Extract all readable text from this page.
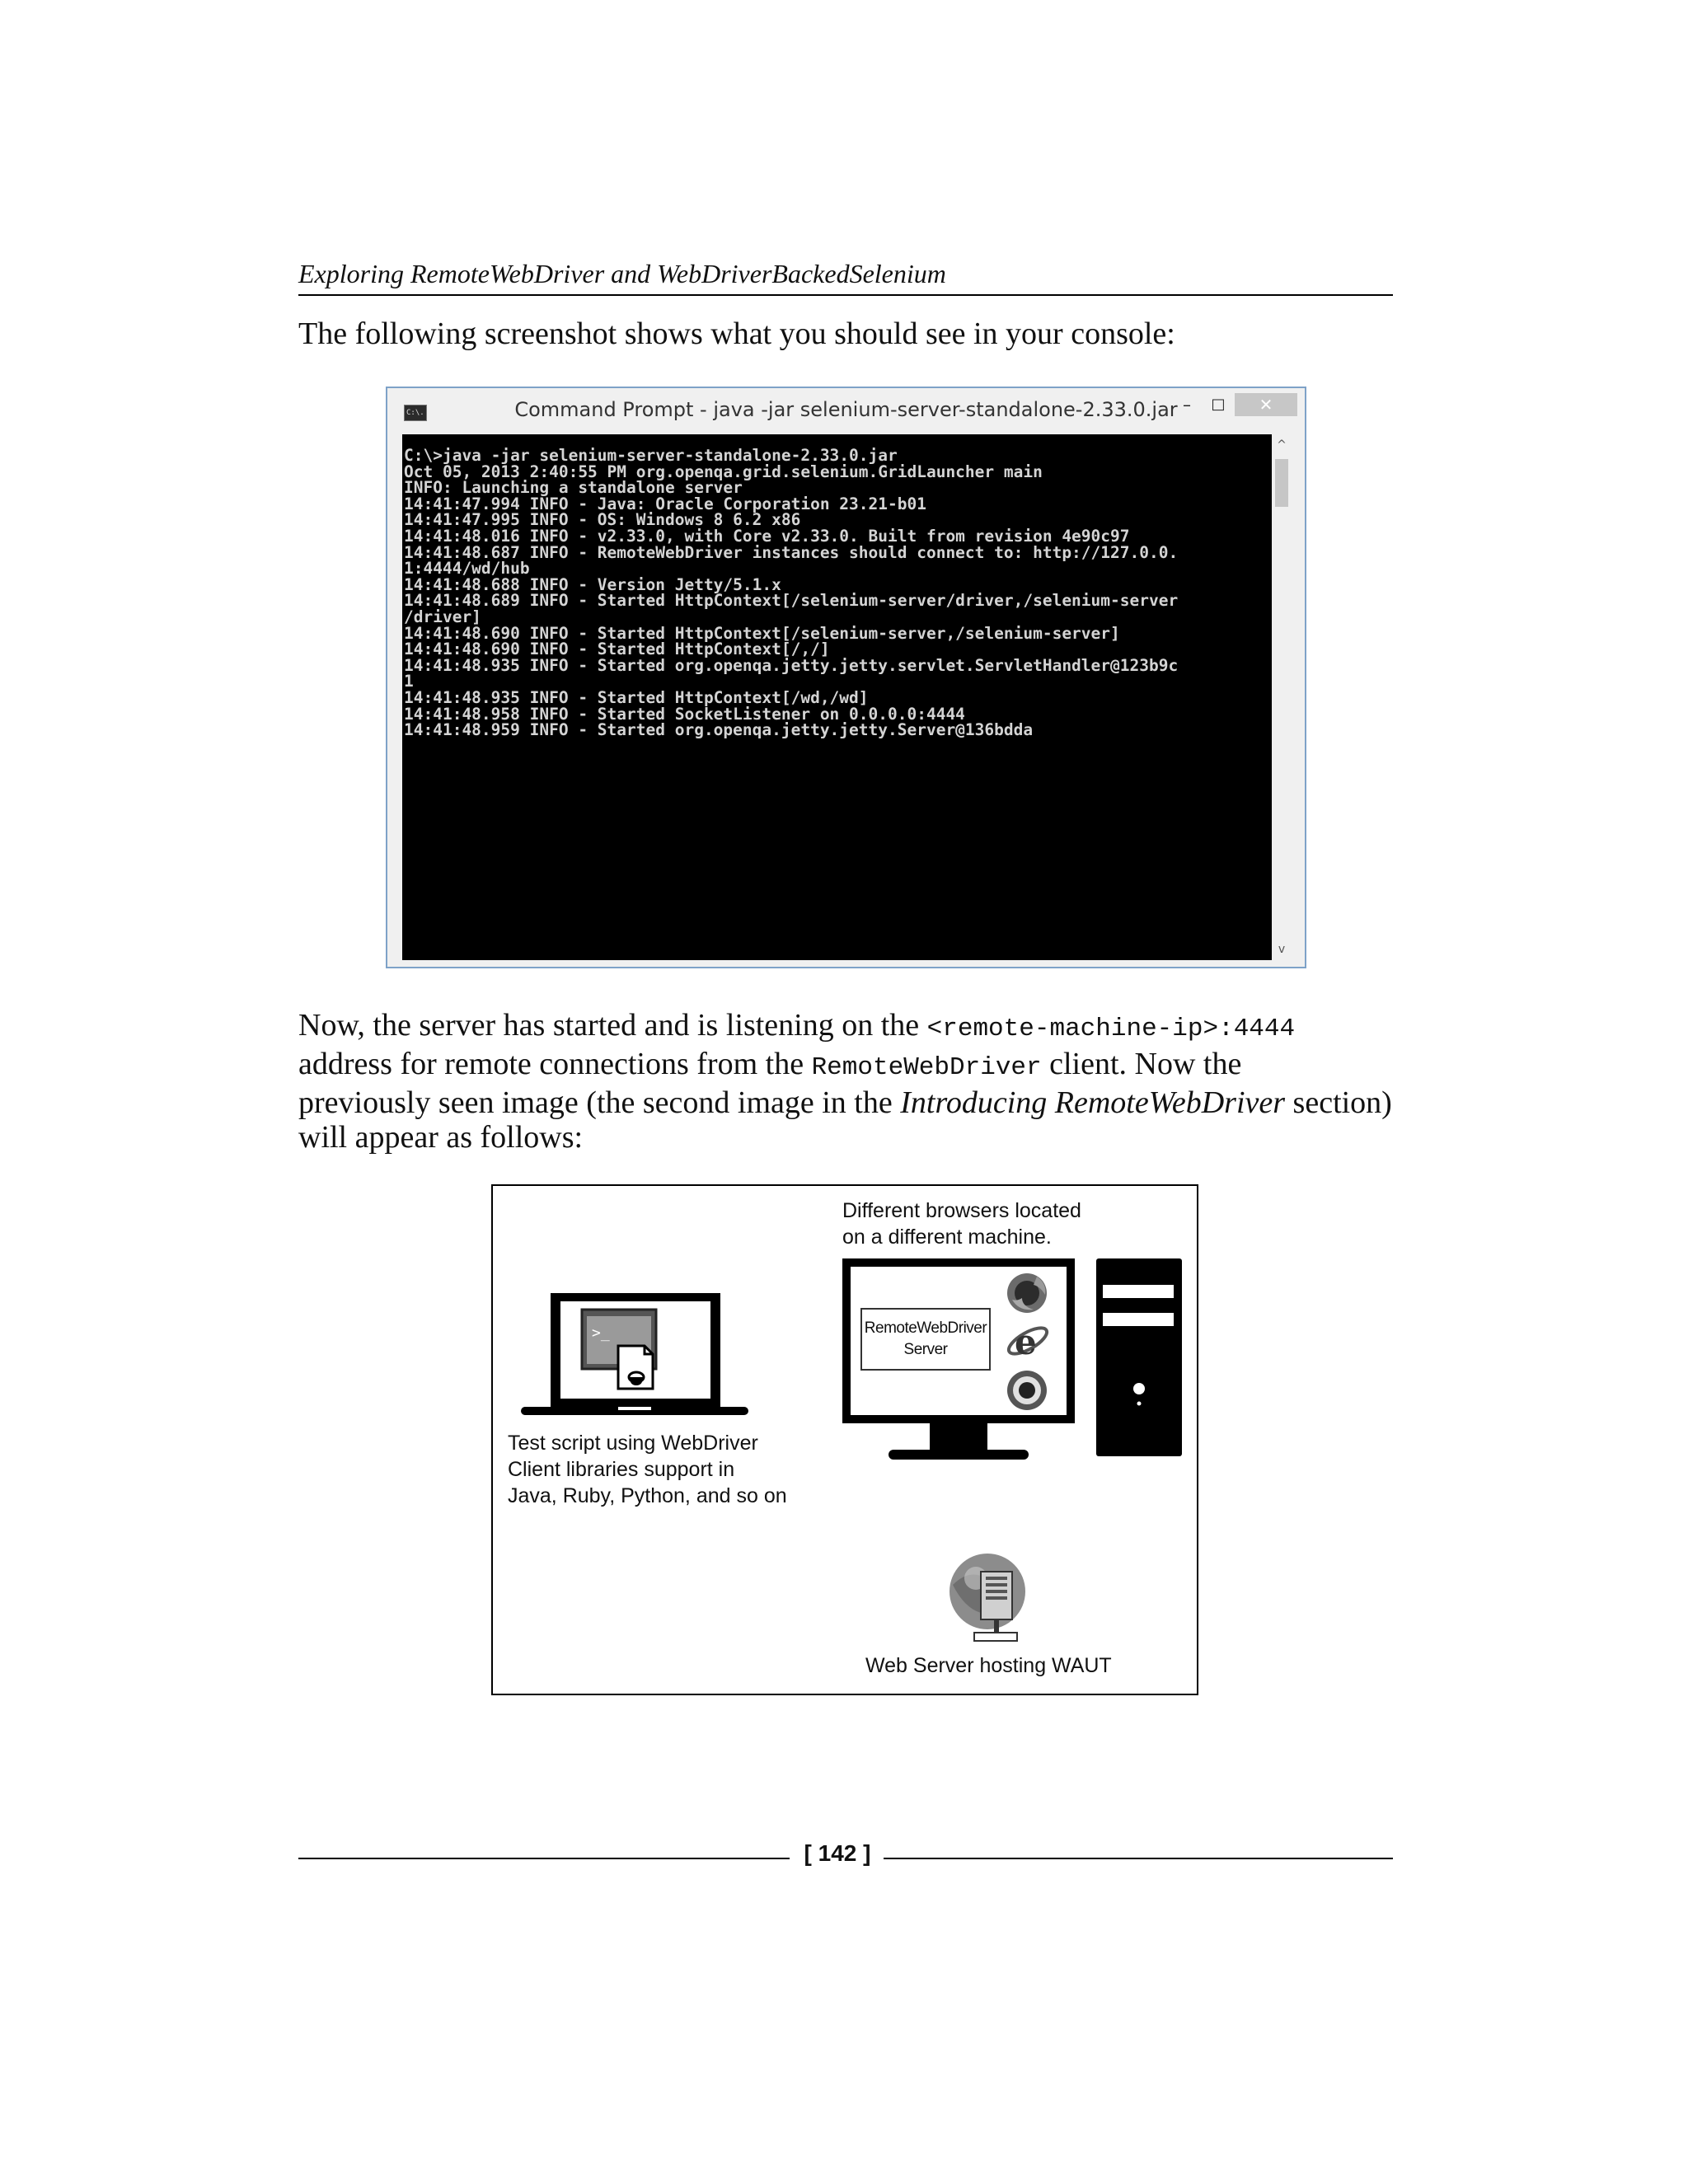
Exploring RemoteWebDriver and WebDriverBackedSelenium
The following screenshot shows what you should see in your console:
C:\.	Command Prompt - java -jar selenium-server-standalone-2.33.0.jar –	□	✕
C:\>java -jar selenium-server-standalone-2.33.0.jar
Oct 05, 2013 2:40:55 PM org.openqa.grid.selenium.GridLauncher main
INFO: Launching a standalone server
14:41:47.994 INFO - Java: Oracle Corporation 23.21-b01
14:41:47.995 INFO - OS: Windows 8 6.2 x86
14:41:48.016 INFO - v2.33.0, with Core v2.33.0. Built from revision 4e90c97
14:41:48.687 INFO - RemoteWebDriver instances should connect to: http://127.0.0.
1:4444/wd/hub
14:41:48.688 INFO - Version Jetty/5.1.x
14:41:48.689 INFO - Started HttpContext[/selenium-server/driver,/selenium-server
/driver]
14:41:48.690 INFO - Started HttpContext[/selenium-server,/selenium-server]
14:41:48.690 INFO - Started HttpContext[/,/]
14:41:48.935 INFO - Started org.openqa.jetty.jetty.servlet.ServletHandler@123b9c
1
14:41:48.935 INFO - Started HttpContext[/wd,/wd]
14:41:48.958 INFO - Started SocketListener on 0.0.0.0:4444
14:41:48.959 INFO - Started org.openqa.jetty.jetty.Server@136bdda

^
v
Now, the server has started and is listening on the <remote-machine-ip>:4444
address for remote connections from the RemoteWebDriver client. Now the
previously seen image (the second image in the Introducing RemoteWebDriver section)
will appear as follows:
Different browsers located
on a different machine.
>_	RemoteWebDriver
Server	e
Test script using WebDriver
Client libraries support in
Java, Ruby, Python, and so on
Web Server hosting WAUT
[ 142 ]
